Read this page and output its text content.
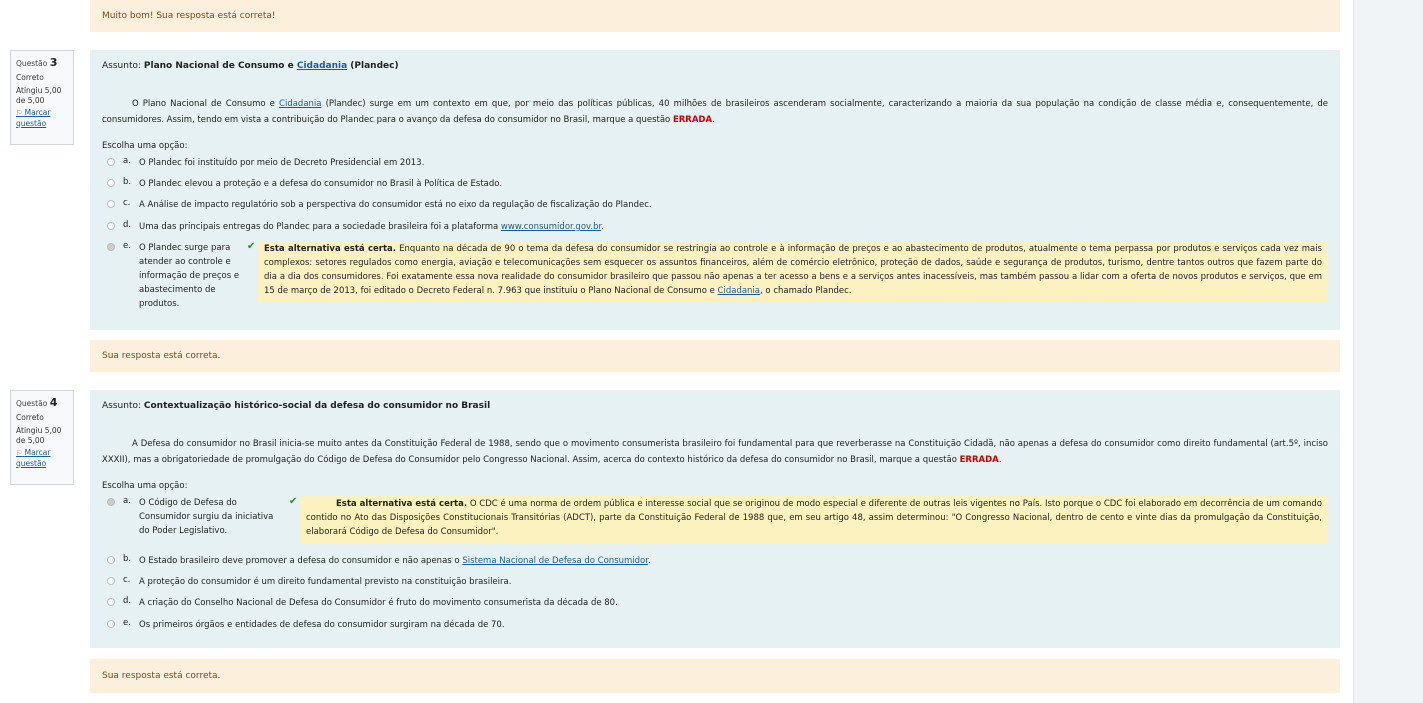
Muito bom! Sua resposta está correta!
Questão 3
Correto
Atingiu 5,00
de 5,00
⚐ Marcar
questão
Assunto: Plano Nacional de Consumo e Cidadania (Plandec)
O Plano Nacional de Consumo e Cidadania (Plandec) surge em um contexto em que, por meio das políticas públicas, 40 milhões de brasileiros ascenderam socialmente, caracterizando a maioria da sua população na condição de classe média e, consequentemente, de consumidores. Assim, tendo em vista a contribuição do Plandec para o avanço da defesa do consumidor no Brasil, marque a questão ERRADA.
Escolha uma opção:
a. O Plandec foi instituído por meio de Decreto Presidencial em 2013.
b. O Plandec elevou a proteção e a defesa do consumidor no Brasil à Política de Estado.
c.	A Análise de impacto regulatório sob a perspectiva do consumidor está no eixo da regulação de fiscalização do Plandec.
d. Uma das principais entregas do Plandec para a sociedade brasileira foi a plataforma www.consumidor.gov.br.
e. O Plandec surge para atender ao controle e informação de preços e abastecimento de produtos.
✔	Esta alternativa está certa. Enquanto na década de 90 o tema da defesa do consumidor se restringia ao controle e à informação de preços e ao abastecimento de produtos, atualmente o tema perpassa por produtos e serviços cada vez mais complexos: setores regulados como energia, aviação e telecomunicações sem esquecer os assuntos financeiros, além de comércio eletrônico, proteção de dados, saúde e segurança de produtos, turismo, dentre tantos outros que fazem parte do dia a dia dos consumidores. Foi exatamente essa nova realidade do consumidor brasileiro que passou não apenas a ter acesso a bens e a serviços antes inacessíveis, mas também passou a lidar com a oferta de novos produtos e serviços, que em 15 de março de 2013, foi editado o Decreto Federal n. 7.963 que instituiu o Plano Nacional de Consumo e Cidadania, o chamado Plandec.
Sua resposta está correta.
Questão 4
Correto
Atingiu 5,00
de 5,00
⚐ Marcar
questão
Assunto: Contextualização histórico-social da defesa do consumidor no Brasil
A Defesa do consumidor no Brasil inicia-se muito antes da Constituição Federal de 1988, sendo que o movimento consumerista brasileiro foi fundamental para que reverberasse na Constituição Cidadã, não apenas a defesa do consumidor como direito fundamental (art.5º, inciso XXXII), mas a obrigatoriedade de promulgação do Código de Defesa do Consumidor pelo Congresso Nacional. Assim, acerca do contexto histórico da defesa do consumidor no Brasil, marque a questão ERRADA.
Escolha uma opção:
a. O Código de Defesa do Consumidor surgiu da iniciativa do Poder Legislativo.
✔	Esta alternativa está certa. O CDC é uma norma de ordem pública e interesse social que se originou de modo especial e diferente de outras leis vigentes no País. Isto porque o CDC foi elaborado em decorrência de um comando contido no Ato das Disposições Constitucionais Transitórias (ADCT), parte da Constituição Federal de 1988 que, em seu artigo 48, assim determinou: "O Congresso Nacional, dentro de cento e vinte dias da promulgação da Constituição, elaborará Código de Defesa do Consumidor".
b. O Estado brasileiro deve promover a defesa do consumidor e não apenas o Sistema Nacional de Defesa do Consumidor.
c.	A proteção do consumidor é um direito fundamental previsto na constituição brasileira.
d. A criação do Conselho Nacional de Defesa do Consumidor é fruto do movimento consumerista da década de 80.
e. Os primeiros órgãos e entidades de defesa do consumidor surgiram na década de 70.
Sua resposta está correta.
